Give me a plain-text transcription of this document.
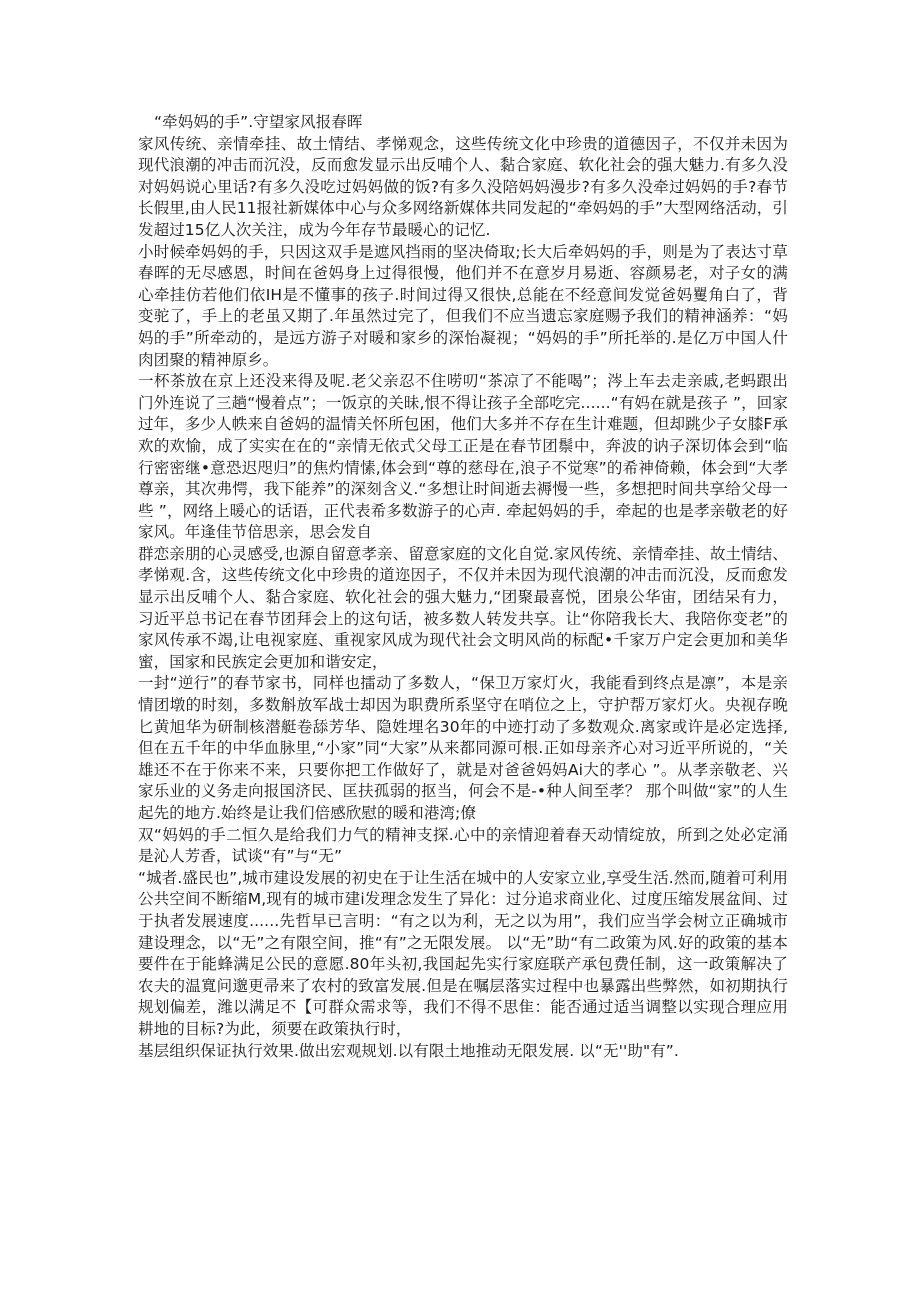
“牵妈妈的手”.守望家风报春晖

家风传统、亲情牵挂、故土情结、孝悌观念，这些传统文化中珍贵的道德因子，不仅并未因为现代浪潮的冲击而沉没，反而愈发显示出反哺个人、黏合家庭、软化社会的强大魅力.有多久没对妈妈说心里话?有多久没吃过妈妈做的饭?有多久没陪妈妈漫步?有多久没牵过妈妈的手?春节长假里,由人民11报社新媒体中心与众多网络新媒体共同发起的“牵妈妈的手”大型网络活动，引发超过15亿人次关注，成为今年存节最暖心的记忆.

小时候牵妈妈的手，只因这双手是遮风挡雨的坚决倚取;长大后牵妈妈的手，则是为了表达寸草春晖的无尽感恩，时间在爸妈身上过得很慢，他们并不在意岁月易逝、容颜易老，对子女的满心牵挂仿若他们依IH是不懂事的孩子.时间过得又很快,总能在不经意间发觉爸妈矍角白了，背变驼了，手上的老虽又期了.年虽然过完了，但我们不应当遗忘家庭赐予我们的精神涵养：“妈妈的手”所牵动的，是远方游子对暖和家乡的深怡凝视；“妈妈的手”所托举的.是亿万中国人什肉团聚的精神原乡。

一杯茶放在京上还没来得及呢.老父亲忍不住唠叨“茶凉了不能喝”；涔上车去走亲戚,老蚂跟出门外连说了三趟“慢着点”；一饭京的关昧,恨不得让孩子全部吃完......“有妈在就是孩子 ”，回家过年，多少人帙来自爸妈的温情关怀所包困，他们大多并不存在生计难题，但却跳少子女膝F承欢的欢愉，成了实实在在的“亲情无依式父母工正是在春节团鬃中，奔波的讷子深切体会到“临行密密继•意恐迟咫归”的焦灼情愫,体会到“尊的慈母在,浪子不觉寒”的希神倚赖，体会到“大孝尊亲，其次弗愕，我下能养”的深刻含义.“多想让时间逝去褥慢一些，多想把时间共享给父母一些 ”，网络上暖心的话语，正代表希多数游子的心声. 牵起妈妈的手，牵起的也是孝亲敬老的好家风。年逢佳节倍思亲，思会发自

群恋亲朋的心灵感受,也源自留意孝亲、留意家庭的文化自觉.家风传统、亲情牵挂、故土情结、孝悌观.含，这些传统文化中珍贵的道迩因子，不仅并未因为现代浪潮的冲击而沉没，反而愈发显示出反哺个人、黏合家庭、软化社会的强大魅力,“团聚最喜悦，团泉公华宙，团结呆有力，习近平总书记在春节团拜会上的这句话，被多数人转发共享。让“你陪我长大、我陪你变老”的家风传承不竭,让电视家庭、重视家风成为现代社会文明风尚的标配•千家万户定会更加和美华蜜，国家和民族定会更加和谐安定，

一封“逆行”的春节家书，同样也擂动了多数人，“保卫万家灯火，我能看到终点是凛”，本是亲情团墩的时刻，多数斛放军战士却因为职费所系坚守在哨位之上，守护帮万家灯火。央视存晚匕黄旭华为研制核潜艇卷舔芳华、隐姓埋名30年的中迹打动了多数观众.离家或许是必定选择,但在五千年的中华血脉里,“小家”同“大家”从来都同源可根.正如母亲齐心对习近平所说的，“关雄还不在于你来不来，只要你把工作做好了，就是对爸爸妈妈Ai大的孝心 ”。从孝亲敬老、兴家乐业的义务走向报国济民、匡扶孤弱的抠当，何会不是-•种人间至孝？ 那个叫做“家”的人生起先的地方.始终是让我们倍感欣慰的暖和港湾;僚

双“妈妈的手二恒久是给我们力气的精神支探.心中的亲情迎着春天动情绽放，所到之处必定涌是沁人芳香，试谈“有”与“无”

“城者.盛民也”,城市建设发展的初史在于让生活在城中的人安家立业,享受生活.然而,随着可利用公共空间不断缩M,现有的城市建i发理念发生了异化：过分追求商业化、过度压缩发展盆间、过于执者发展速度......先哲早已言明：“有之以为利，无之以为用”，我们应当学会树立正确城市建设理念，以“无”之有限空间，推“有”之无限发展。 以“无”助“有二政策为风.好的政策的基本要件在于能蜂满足公民的意愿.80年头初,我国起先实行家庭联产承包费任制，这一政策解决了农夫的温寬问邈更帚来了农村的致富发展.但是在嘱层落实过程中也暴露出些弊然，如初期执行规划偏差，潍以满足不【可群众需求等，我们不得不思隹：能否通过适当调整以实现合理应用耕地的目标?为此，须要在政策执行时，

基层组织保证执行效果.做出宏观规划.以有限土地推动无限发展. 以“无''助"有”.
